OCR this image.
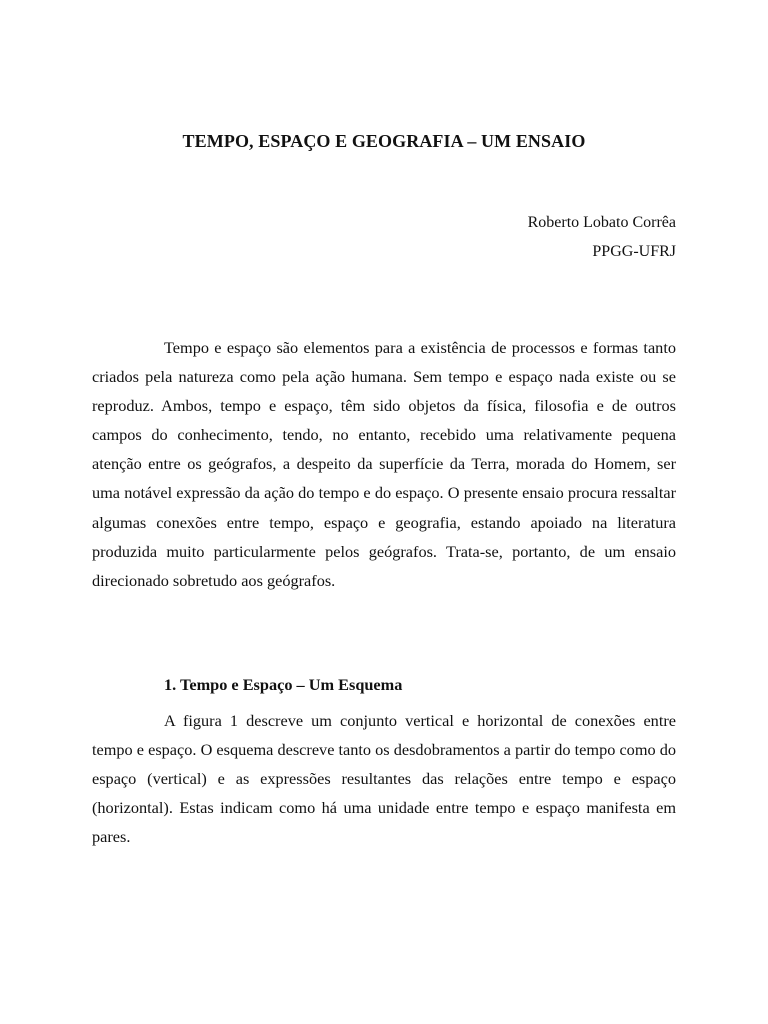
TEMPO, ESPAÇO E GEOGRAFIA – UM ENSAIO
Roberto Lobato Corrêa
PPGG-UFRJ

Tempo e espaço são elementos para a existência de processos e formas tanto criados pela natureza como pela ação humana. Sem tempo e espaço nada existe ou se reproduz. Ambos, tempo e espaço, têm sido objetos da física, filosofia e de outros campos do conhecimento, tendo, no entanto, recebido uma relativamente pequena atenção entre os geógrafos, a despeito da superfície da Terra, morada do Homem, ser uma notável expressão da ação do tempo e do espaço. O presente ensaio procura ressaltar algumas conexões entre tempo, espaço e geografia, estando apoiado na literatura produzida muito particularmente pelos geógrafos. Trata-se, portanto, de um ensaio direcionado sobretudo aos geógrafos.

1. Tempo e Espaço – Um Esquema

A figura 1 descreve um conjunto vertical e horizontal de conexões entre tempo e espaço. O esquema descreve tanto os desdobramentos a partir do tempo como do espaço (vertical) e as expressões resultantes das relações entre tempo e espaço (horizontal). Estas indicam como há uma unidade entre tempo e espaço manifesta em pares.
